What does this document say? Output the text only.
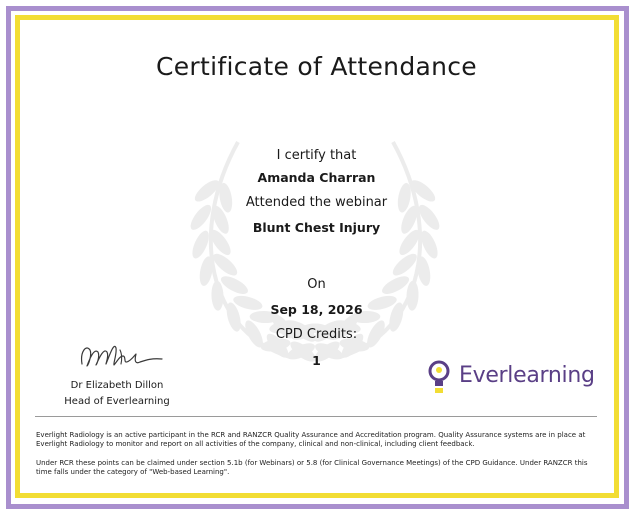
Certificate of Attendance
I certify that
Amanda Charran
Attended the webinar
Blunt Chest Injury
On
Sep 18, 2026
CPD Credits:
1
Dr Elizabeth Dillon
Head of Everlearning
Everlearning
Everlight Radiology is an active participant in the RCR and RANZCR Quality Assurance and Accreditation program. Quality Assurance systems are in place at Everlight Radiology to monitor and report on all activities of the company, clinical and non-clinical, including client feedback.
Under RCR these points can be claimed under section 5.1b (for Webinars) or 5.8 (for Clinical Governance Meetings) of the CPD Guidance. Under RANZCR this time falls under the category of "Web-based Learning".
